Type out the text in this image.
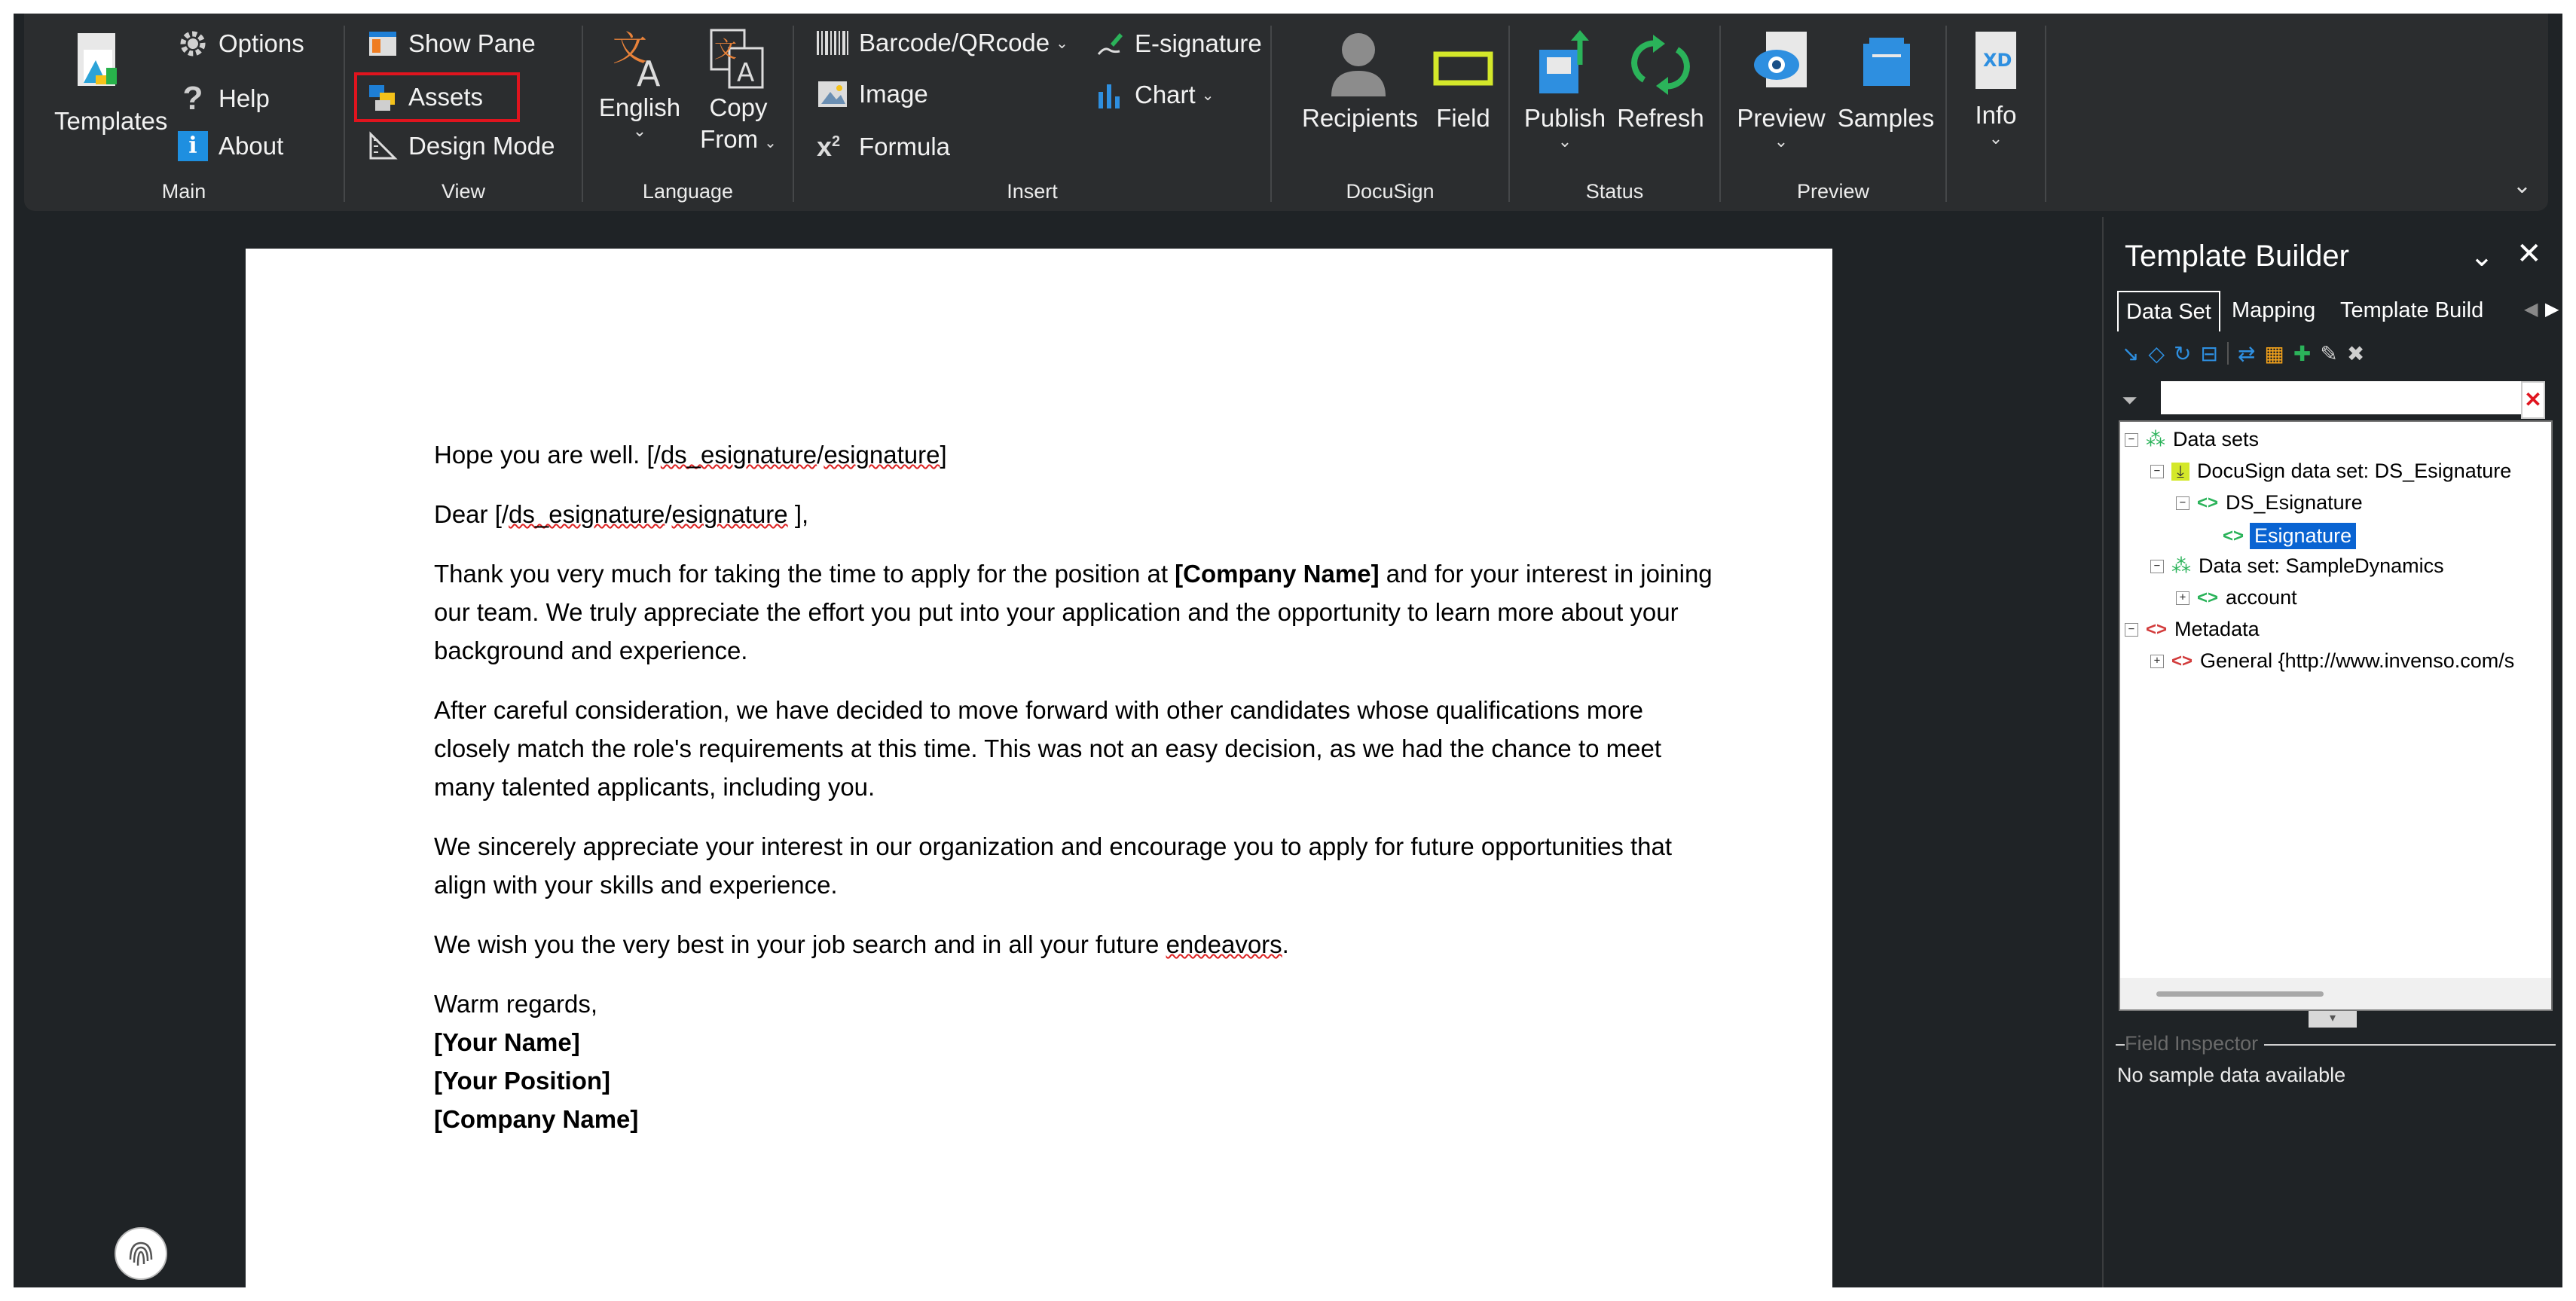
Templates
Options
? Help
i About
Main
Show Pane
Assets
Design Mode
View
文
A
English
⌄
文
A
Copy
From ⌄
Language
Barcode/QRcode ⌄
Image
$x^2$ Formula
E-signature
Chart ⌄
Insert
Recipients Field
DocuSign
Publish
⌄
Refresh
Status
Preview
⌄
Samples
Preview
XD
Info
⌄
⌄

Hope you are well. [/ds_esignature/esignature]

Dear [/ds_esignature/esignature ],

Thank you very much for taking the time to apply for the position at [Company Name] and for your interest in joining our team. We truly appreciate the effort you put into your application and the opportunity to learn more about your background and experience.

After careful consideration, we have decided to move forward with other candidates whose qualifications more closely match the role's requirements at this time. This was not an easy decision, as we had the chance to meet many talented applicants, including you.

We sincerely appreciate your interest in our organization and encourage you to apply for future opportunities that align with your skills and experience.

We wish you the very best in your job search and in all your future endeavors.

Warm regards,

[Your Name]

[Your Position]

[Company Name]

Template Builder	⌄ ✕
Data Set Mapping	Template Build	◀ ▶
↘ ◇ ↻ ⊟ ⇄ ▦ ✚ ✎ ✖
⏷	✕
− ⁂ Data sets
− ⤓ DocuSign data set: DS_Esignature
− <> DS_Esignature
<> Esignature
− ⁂ Data set: SampleDynamics
+ <> account
− <> Metadata
+ <> General {http://www.invenso.com/s
▾
Field Inspector
No sample data available
